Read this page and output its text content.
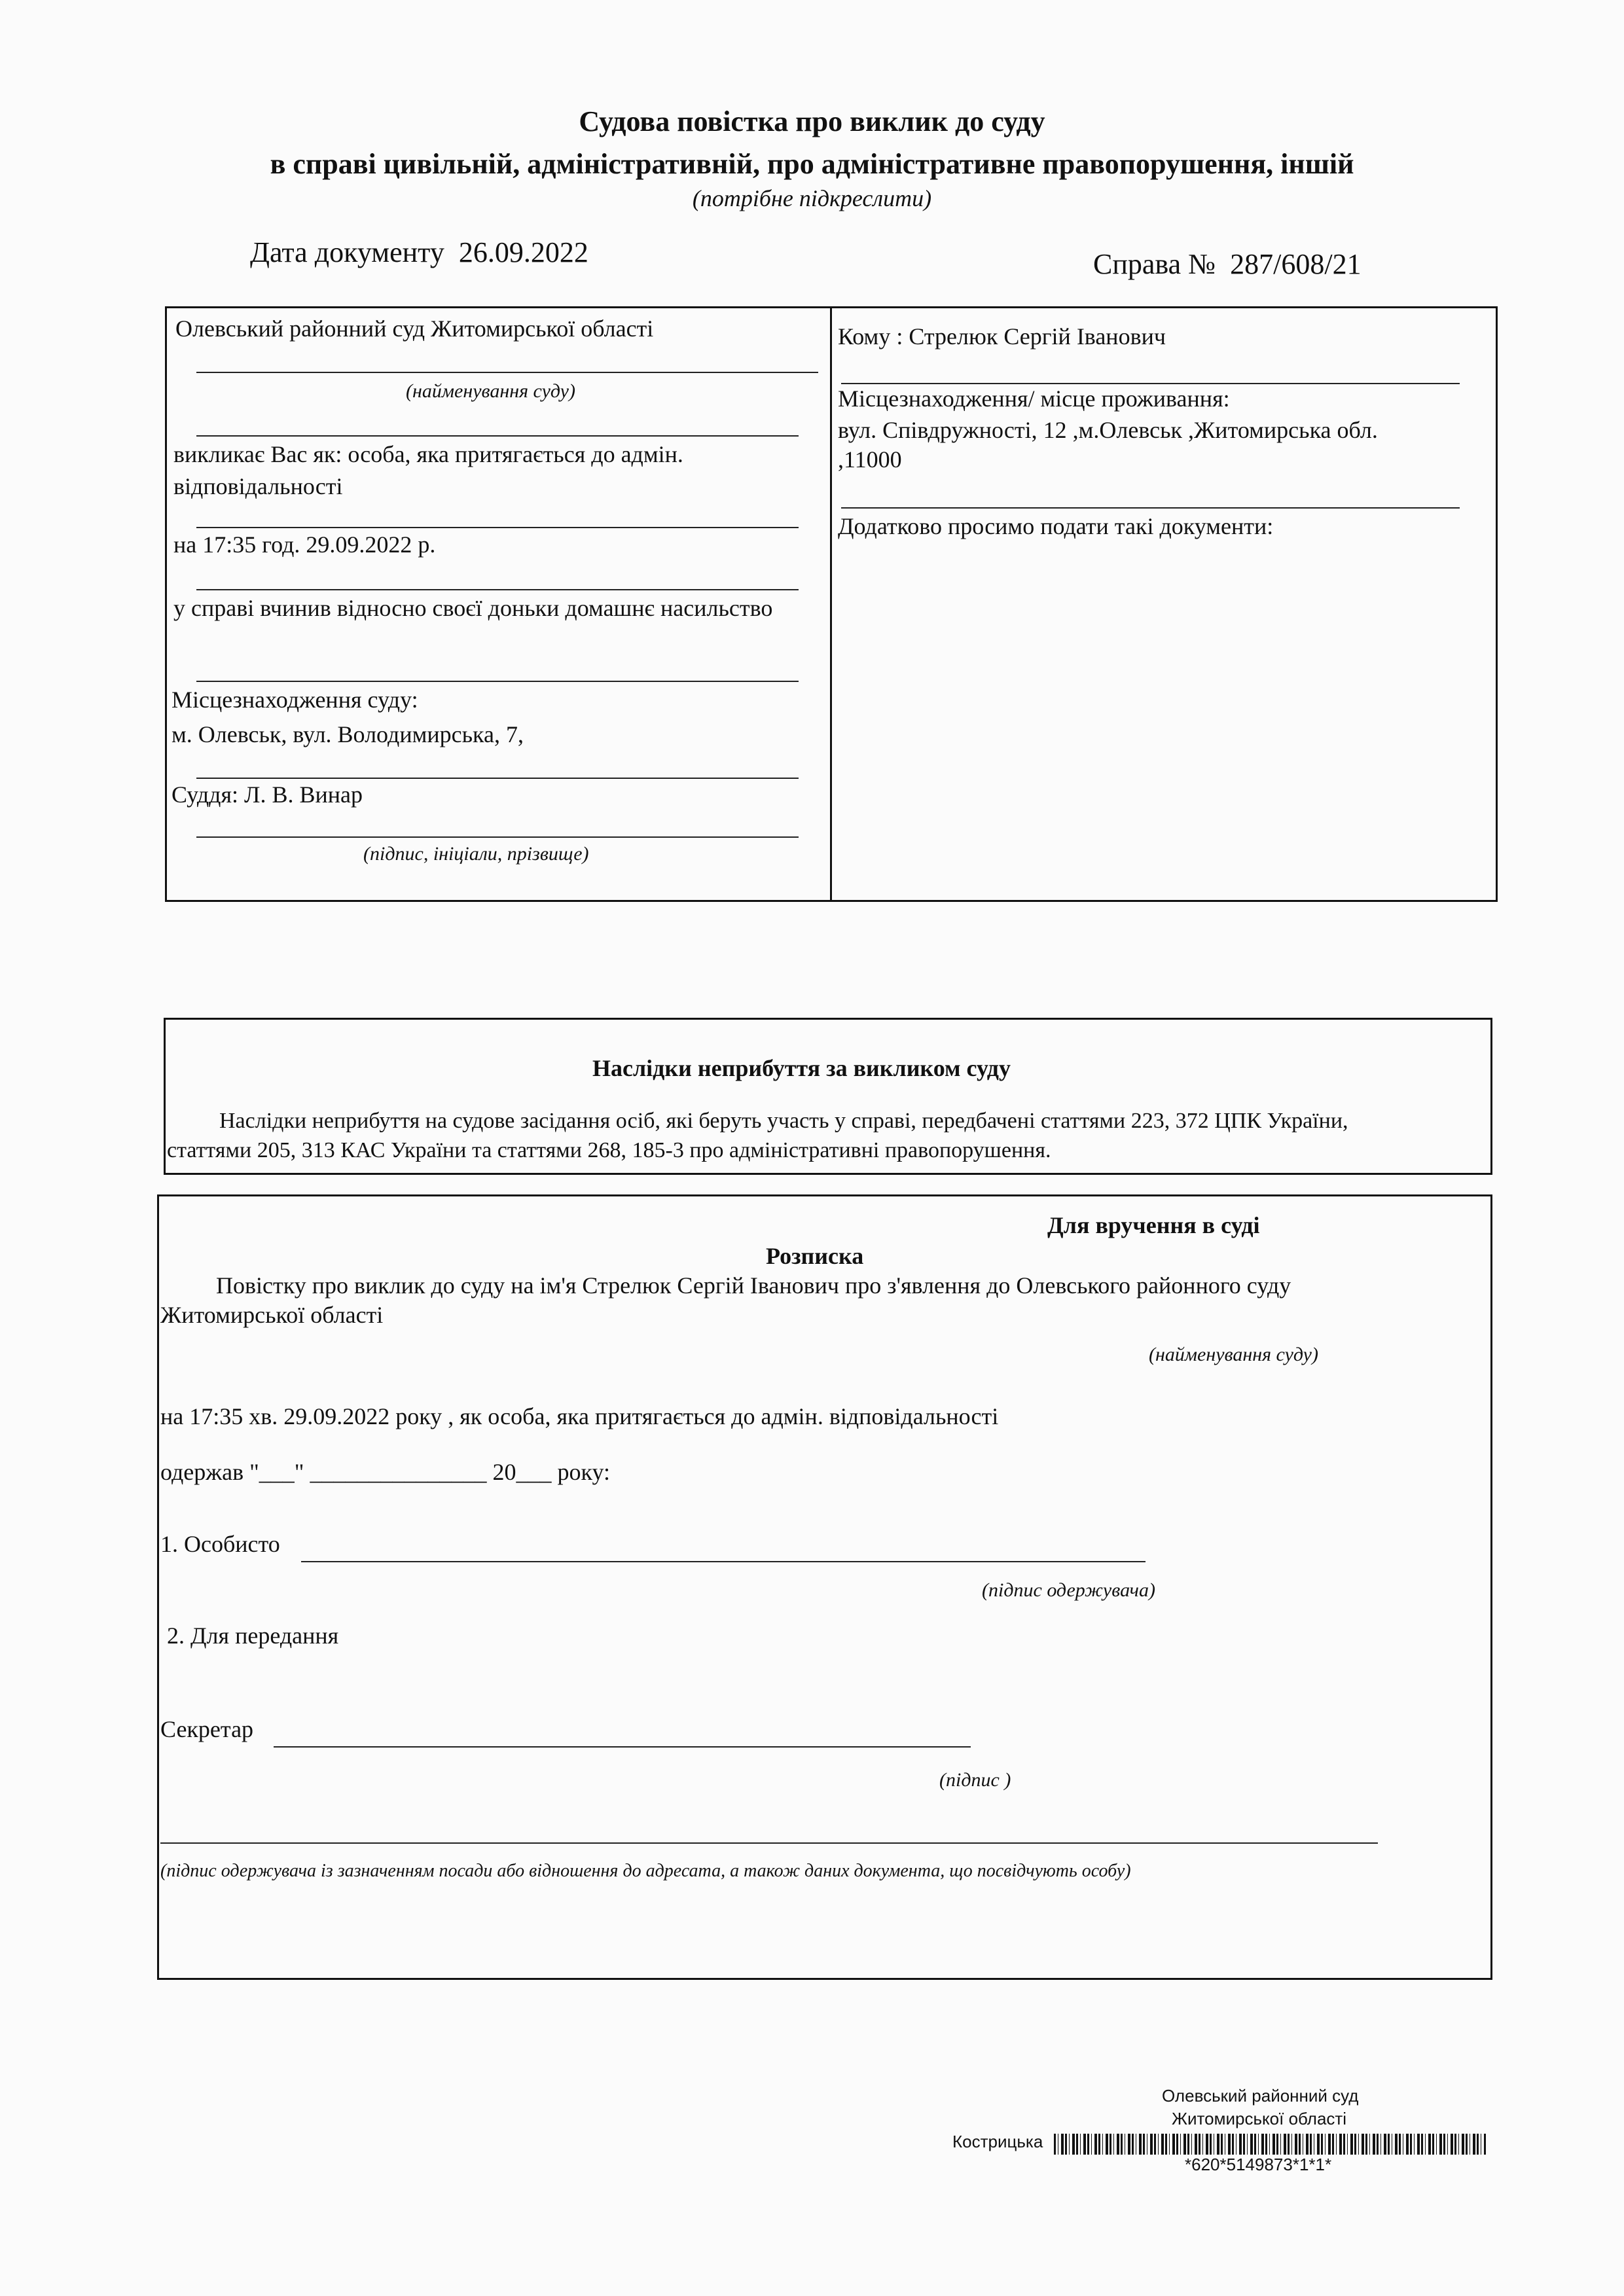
Судова повістка про виклик до суду
в справі цивільній, адміністративній, про адміністративне правопорушення, іншій
(потрібне підкреслити)
Дата документу 26.09.2022	Справа № 287/608/21
Олевський районний суд Житомирської області
(найменування суду)
викликає Вас як: особа, яка притягається до адмін. відповідальності
на 17:35 год. 29.09.2022 р.
у справі вчинив відносно своєї доньки домашнє насильство
Місцезнаходження суду:
м. Олевськ, вул. Володимирська, 7,
Суддя: Л. В. Винар
(підпис, ініціали, прізвище)
Кому : Стрелюк Сергій Іванович
Місцезнаходження/ місце проживання:
вул. Співдружності, 12 ,м.Олевськ ,Житомирська обл.
,11000
Додатково просимо подати такі документи:
Наслідки неприбуття за викликом суду
Наслідки неприбуття на судове засідання осіб, які беруть участь у справі, передбачені статтями 223, 372 ЦПК України,
статтями 205, 313 КАС України та статтями 268, 185-3 про адміністративні правопорушення.
Для вручення в суді
Розписка
Повістку про виклик до суду на ім'я Стрелюк Сергій Іванович про з'явлення до Олевського районного суду
Житомирської області
(найменування суду)
на 17:35 хв. 29.09.2022 року , як особа, яка притягається до адмін. відповідальності
одержав "___" _______________ 20___ року:
1. Особисто
(підпис одержувача)
2. Для передання
Секретар
(підпис )
(підпис одержувача із зазначенням посади або відношення до адресата, а також даних документа, що посвідчують особу)
Олевський районний суд
Житомирської області
Кострицька
*620*5149873*1*1*
